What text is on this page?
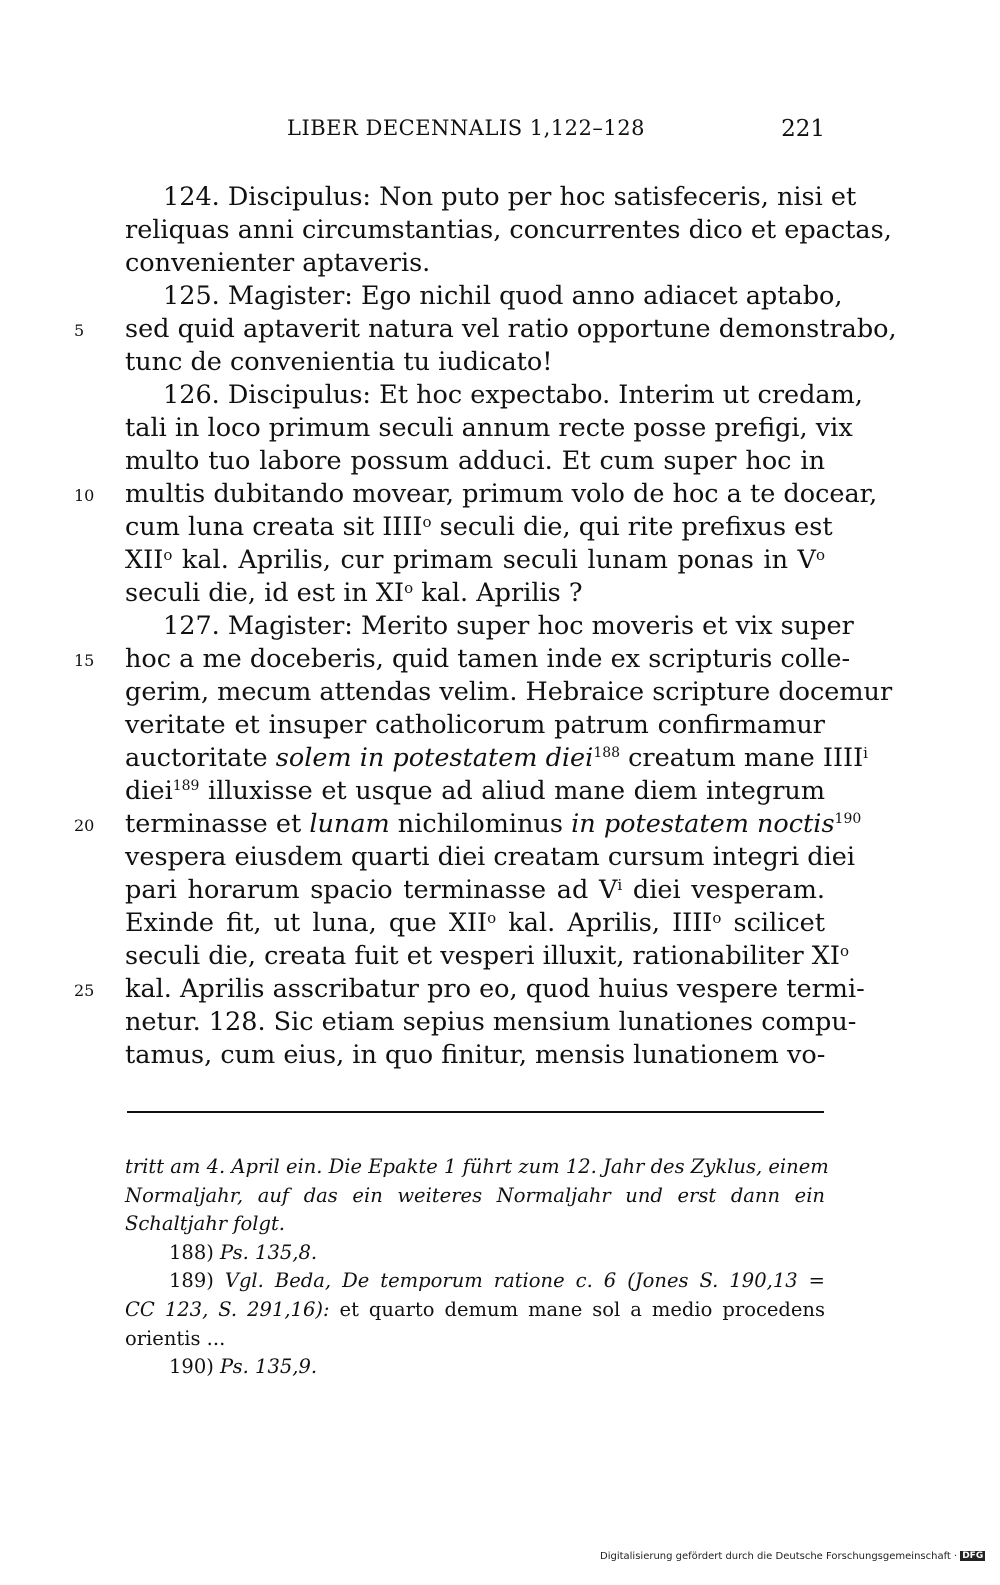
LIBER DECENNALIS 1,122–128	221
124. Discipulus: Non puto per hoc satisfeceris, nisi et
reliquas anni circumstantias, concurrentes dico et epactas,
convenienter aptaveris.
125. Magister: Ego nichil quod anno adiacet aptabo,
sed quid aptaverit natura vel ratio opportune demonstrabo,
5
tunc de convenientia tu iudicato!
126. Discipulus: Et hoc expectabo. Interim ut credam,
tali in loco primum seculi annum recte posse prefigi, vix
multo tuo labore possum adduci. Et cum super hoc in
multis dubitando movear, primum volo de hoc a te docear,
10
cum luna creata sit IIII$^o$ seculi die, qui rite prefixus est
XII$^o$ kal. Aprilis, cur primam seculi lunam ponas in $V^o$
seculi die, id est in $XI^o$ kal. Aprilis ?
127. Magister: Merito super hoc moveris et vix super
hoc a me doceberis, quid tamen inde ex scripturis colle-
15
gerim, mecum attendas velim. Hebraice scripture docemur
veritate et insuper catholicorum patrum confirmamur
auctoritate solem in potestatem diei$^{188}$ creatum mane IIII$^i$
diei$^{189}$ illuxisse et usque ad aliud mane diem integrum
terminasse et lunam nichilominus in potestatem noctis$^{190}$
20
vespera eiusdem quarti diei creatam cursum integri diei
pari horarum spacio terminasse ad $V^i$ diei vesperam.
Exinde fit, ut luna, que XII$^o$ kal. Aprilis, IIII$^o$ scilicet
seculi die, creata fuit et vesperi illuxit, rationabiliter $XI^o$
kal. Aprilis asscribatur pro eo, quod huius vespere termi-
25
netur. 128. Sic etiam sepius mensium lunationes compu-
tamus, cum eius, in quo finitur, mensis lunationem vo-
tritt am 4. April ein. Die Epakte 1 führt zum 12. Jahr des Zyklus, einem
Normaljahr, auf das ein weiteres Normaljahr und erst dann ein
Schaltjahr folgt.
188) Ps. 135,8.
189) Vgl. Beda, De temporum ratione c. 6 (Jones S. 190,13 =
CC 123, S. 291,16): et quarto demum mane sol a medio procedens
orientis ...
190) Ps. 135,9.
Digitalisierung gefördert durch die Deutsche Forschungsgemeinschaft · DFG
